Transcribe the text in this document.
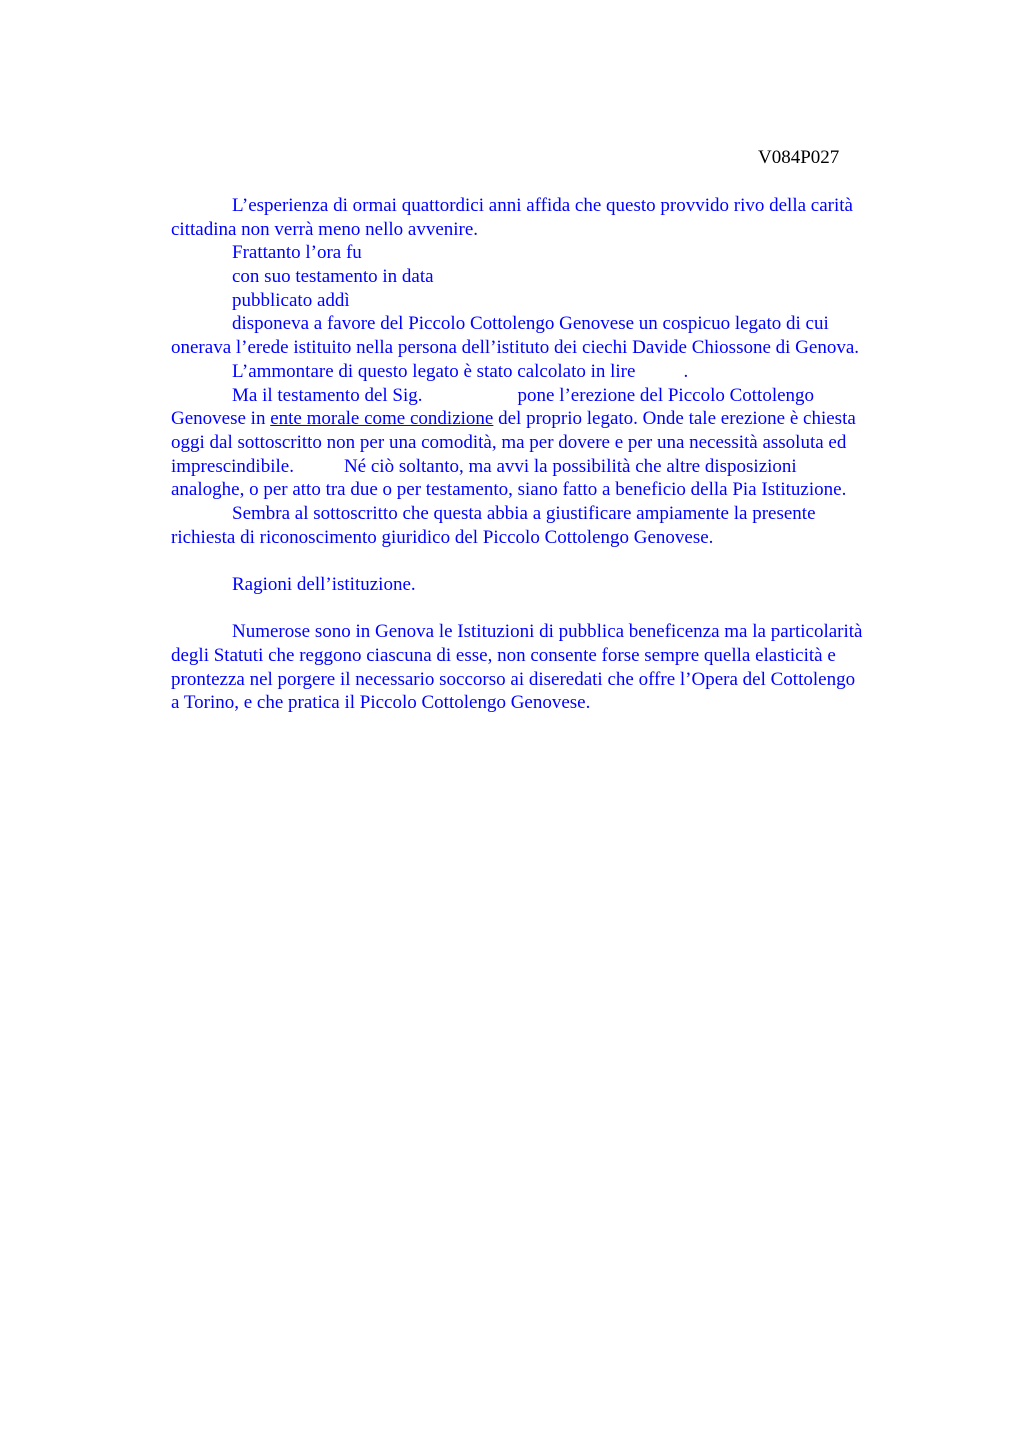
V084P027
L’esperienza di ormai quattordici anni affida che questo provvido rivo della carità
cittadina non verrà meno nello avvenire.
Frattanto l’ora fu
con suo testamento in data
pubblicato addì
disponeva a favore del Piccolo Cottolengo Genovese un cospicuo legato di cui
onerava l’erede istituito nella persona dell’istituto dei ciechi Davide Chiossone di Genova.
L’ammontare di questo legato è stato calcolato in lire	.
Ma il testamento del Sig.	pone l’erezione del Piccolo Cottolengo
Genovese in ente morale come condizione del proprio legato. Onde tale erezione è chiesta
oggi dal sottoscritto non per una comodità, ma per dovere e per una necessità assoluta ed
imprescindibile.	Né ciò soltanto, ma avvi la possibilità che altre disposizioni
analoghe, o per atto tra due o per testamento, siano fatto a beneficio della Pia Istituzione.
Sembra al sottoscritto che questa abbia a giustificare ampiamente la presente
richiesta di riconoscimento giuridico del Piccolo Cottolengo Genovese.
Ragioni dell’istituzione.
Numerose sono in Genova le Istituzioni di pubblica beneficenza ma la particolarità
degli Statuti che reggono ciascuna di esse, non consente forse sempre quella elasticità e
prontezza nel porgere il necessario soccorso ai diseredati che offre l’Opera del Cottolengo
a Torino, e che pratica il Piccolo Cottolengo Genovese.
